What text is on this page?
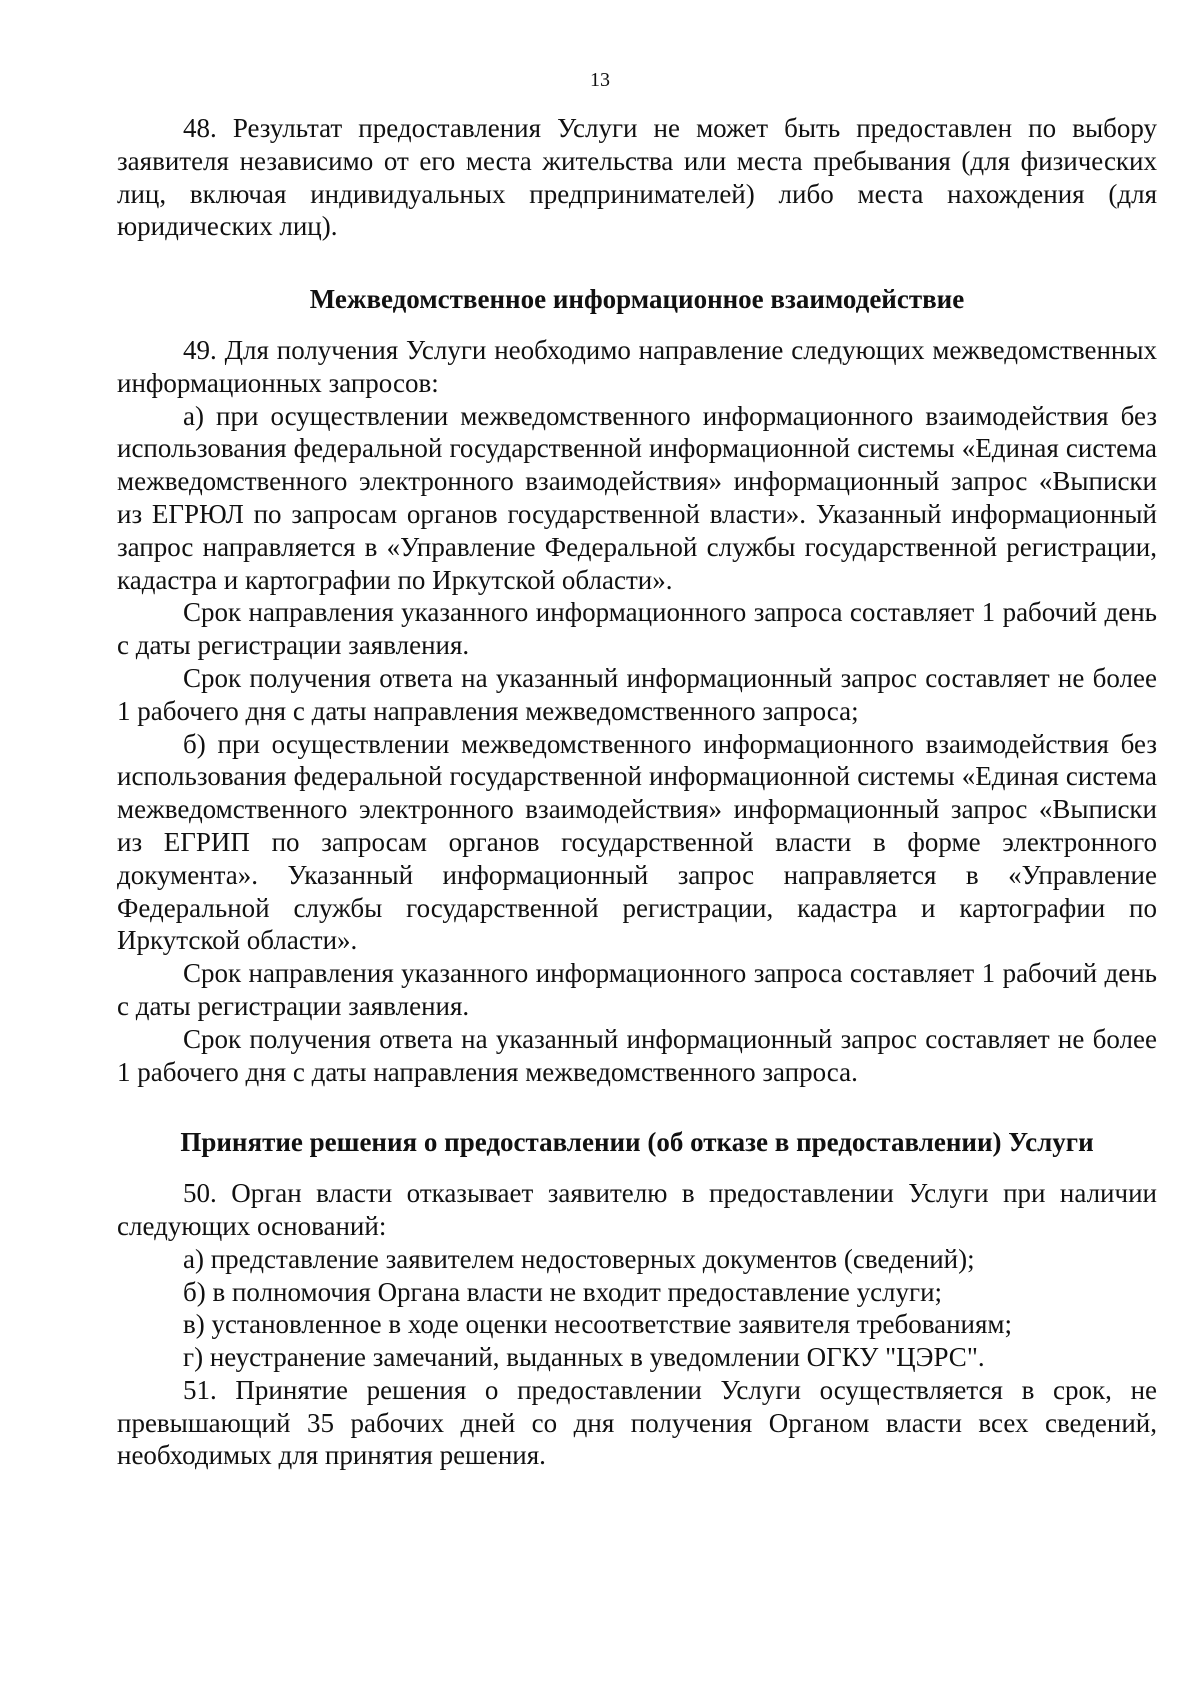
13

48. Результат предоставления Услуги не может быть предоставлен по выбору заявителя независимо от его места жительства или места пребывания (для физических лиц, включая индивидуальных предпринимателей) либо места нахождения (для юридических лиц).

Межведомственное информационное взаимодействие

49. Для получения Услуги необходимо направление следующих межведомственных информационных запросов:

а) при осуществлении межведомственного информационного взаимодействия без использования федеральной государственной информационной системы «Единая система межведомственного электронного взаимодействия» информационный запрос «Выписки из ЕГРЮЛ по запросам органов государственной власти». Указанный информационный запрос направляется в «Управление Федеральной службы государственной регистрации, кадастра и картографии по Иркутской области».

Срок направления указанного информационного запроса составляет 1 рабочий день с даты регистрации заявления.

Срок получения ответа на указанный информационный запрос составляет не более 1 рабочего дня с даты направления межведомственного запроса;

б) при осуществлении межведомственного информационного взаимодействия без использования федеральной государственной информационной системы «Единая система межведомственного электронного взаимодействия» информационный запрос «Выписки из ЕГРИП по запросам органов государственной власти в форме электронного документа». Указанный информационный запрос направляется в «Управление Федеральной службы государственной регистрации, кадастра и картографии по Иркутской области».

Срок направления указанного информационного запроса составляет 1 рабочий день с даты регистрации заявления.

Срок получения ответа на указанный информационный запрос составляет не более 1 рабочего дня с даты направления межведомственного запроса.

Принятие решения о предоставлении (об отказе в предоставлении) Услуги

50. Орган власти отказывает заявителю в предоставлении Услуги при наличии следующих оснований:

а) представление заявителем недостоверных документов (сведений);

б) в полномочия Органа власти не входит предоставление услуги;

в) установленное в ходе оценки несоответствие заявителя требованиям;

г) неустранение замечаний, выданных в уведомлении ОГКУ "ЦЭРС".

51. Принятие решения о предоставлении Услуги осуществляется в срок, не превышающий 35 рабочих дней со дня получения Органом власти всех сведений, необходимых для принятия решения.
